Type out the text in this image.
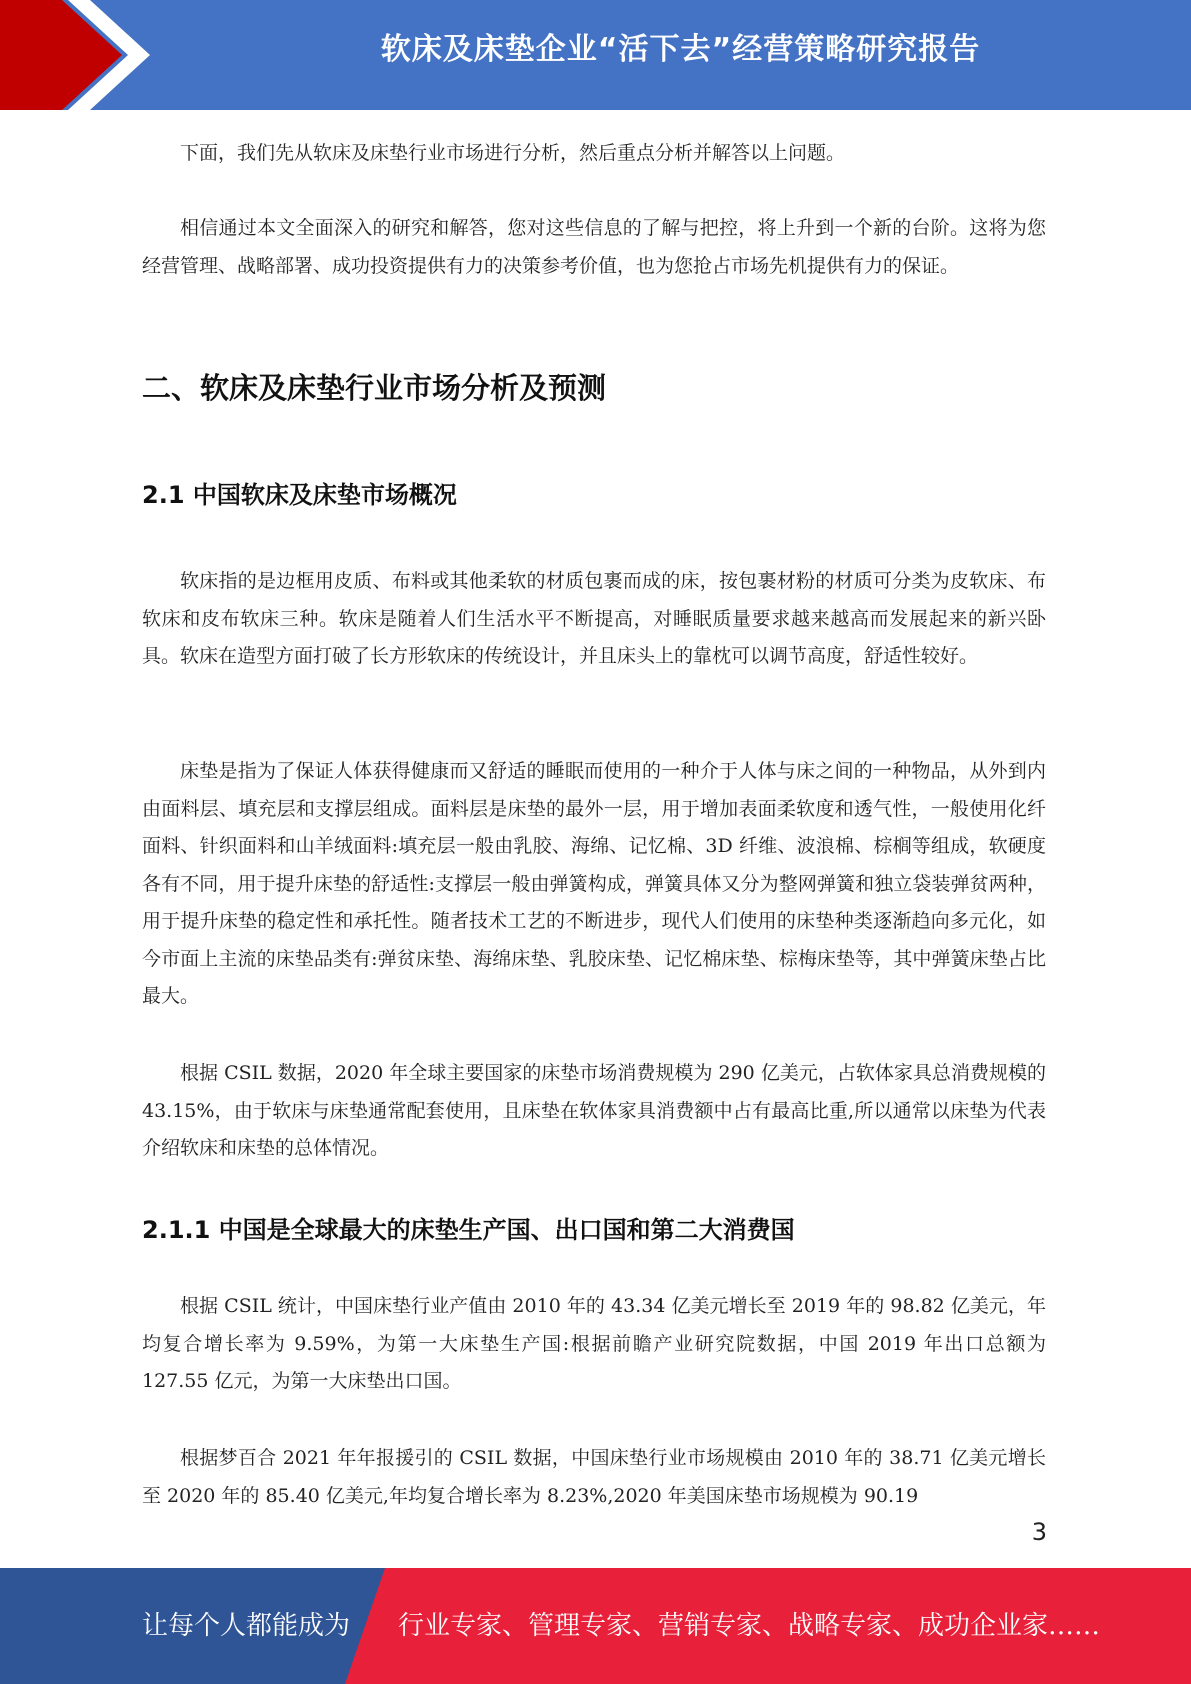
软床及床垫企业“活下去”经营策略研究报告

下面，我们先从软床及床垫行业市场进行分析，然后重点分析并解答以上问题。

相信通过本文全面深入的研究和解答，您对这些信息的了解与把控，将上升到一个新的台阶。这将为您经营管理、战略部署、成功投资提供有力的决策参考价值，也为您抢占市场先机提供有力的保证。

二、软床及床垫行业市场分析及预测
2.1 中国软床及床垫市场概况

软床指的是边框用皮质、布料或其他柔软的材质包裹而成的床，按包裹材粉的材质可分类为皮软床、布软床和皮布软床三种。软床是随着人们生活水平不断提高，对睡眠质量要求越来越高而发展起来的新兴卧具。软床在造型方面打破了长方形软床的传统设计，并且床头上的靠枕可以调节高度，舒适性较好。

床垫是指为了保证人体获得健康而又舒适的睡眠而使用的一种介于人体与床之间的一种物品，从外到内由面料层、填充层和支撑层组成。面料层是床垫的最外一层，用于增加表面柔软度和透气性，一般使用化纤面料、针织面料和山羊绒面料:填充层一般由乳胶、海绵、记忆棉、3D 纤维、波浪棉、棕榈等组成，软硬度各有不同，用于提升床垫的舒适性:支撑层一般由弹簧构成，弹簧具体又分为整网弹簧和独立袋装弹贫两种，用于提升床垫的稳定性和承托性。随者技术工艺的不断进步，现代人们使用的床垫种类逐渐趋向多元化，如今市面上主流的床垫品类有:弹贫床垫、海绵床垫、乳胶床垫、记忆棉床垫、棕梅床垫等，其中弹簧床垫占比最大。

根据 CSIL 数据，2020 年全球主要国家的床垫市场消费规模为 290 亿美元，占软体家具总消费规模的 43.15%，由于软床与床垫通常配套使用，且床垫在软体家具消费额中占有最高比重,所以通常以床垫为代表介绍软床和床垫的总体情况。

2.1.1 中国是全球最大的床垫生产国、出口国和第二大消费国

根据 CSIL 统计，中国床垫行业产值由 2010 年的 43.34 亿美元增长至 2019 年的 98.82 亿美元，年均复合增长率为 9.59%，为第一大床垫生产国:根据前瞻产业研究院数据，中国 2019 年出口总额为 127.55 亿元，为第一大床垫出口国。

根据梦百合 2021 年年报援引的 CSIL 数据，中国床垫行业市场规模由 2010 年的 38.71 亿美元增长至 2020 年的 85.40 亿美元,年均复合增长率为 8.23%,2020 年美国床垫市场规模为 90.19

3
让每个人都能成为 行业专家、管理专家、营销专家、战略专家、成功企业家……
